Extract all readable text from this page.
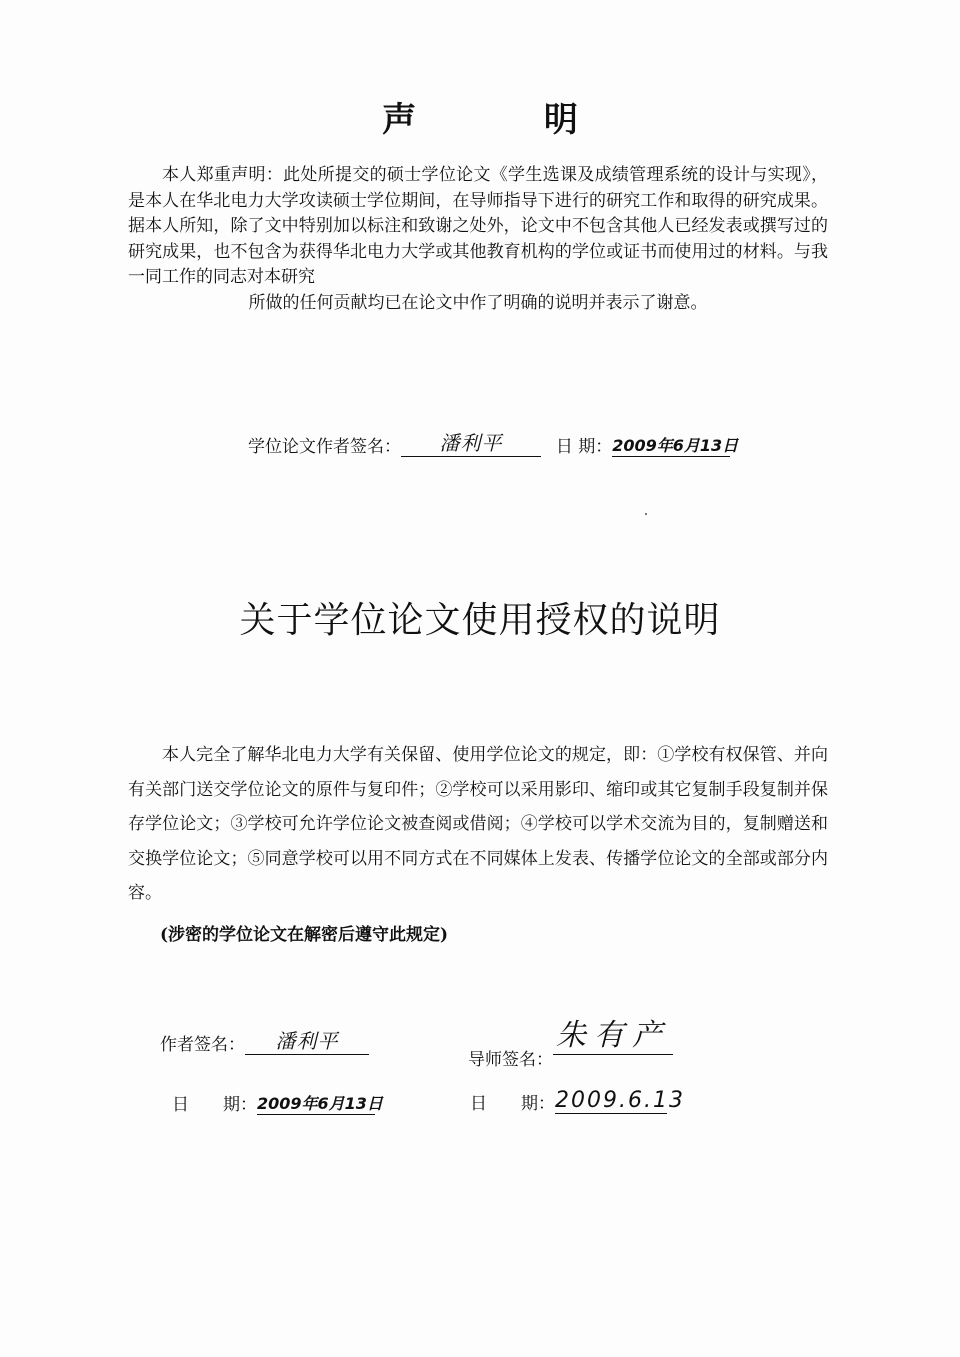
声 明
本人郑重声明：此处所提交的硕士学位论文《学生选课及成绩管理系统的设计与实现》，是本人在华北电力大学攻读硕士学位期间，在导师指导下进行的研究工作和取得的研究成果。据本人所知，除了文中特别加以标注和致谢之处外，论文中不包含其他人已经发表或撰写过的研究成果，也不包含为获得华北电力大学或其他教育机构的学位或证书而使用过的材料。与我一同工作的同志对本研究
所做的任何贡献均已在论文中作了明确的说明并表示了谢意。
学位论文作者签名： 潘利平	日 期：2009年6月13日
关于学位论文使用授权的说明
本人完全了解华北电力大学有关保留、使用学位论文的规定，即：①学校有权保管、并向有关部门送交学位论文的原件与复印件；②学校可以采用影印、缩印或其它复制手段复制并保存学位论文；③学校可允许学位论文被查阅或借阅；④学校可以学术交流为目的，复制赠送和交换学位论文；⑤同意学校可以用不同方式在不同媒体上发表、传播学位论文的全部或部分内容。
(涉密的学位论文在解密后遵守此规定)
作者签名： 潘利平
导师签名：朱有产
日　　期：2009年6月13日	日　　期：2009.6.13
